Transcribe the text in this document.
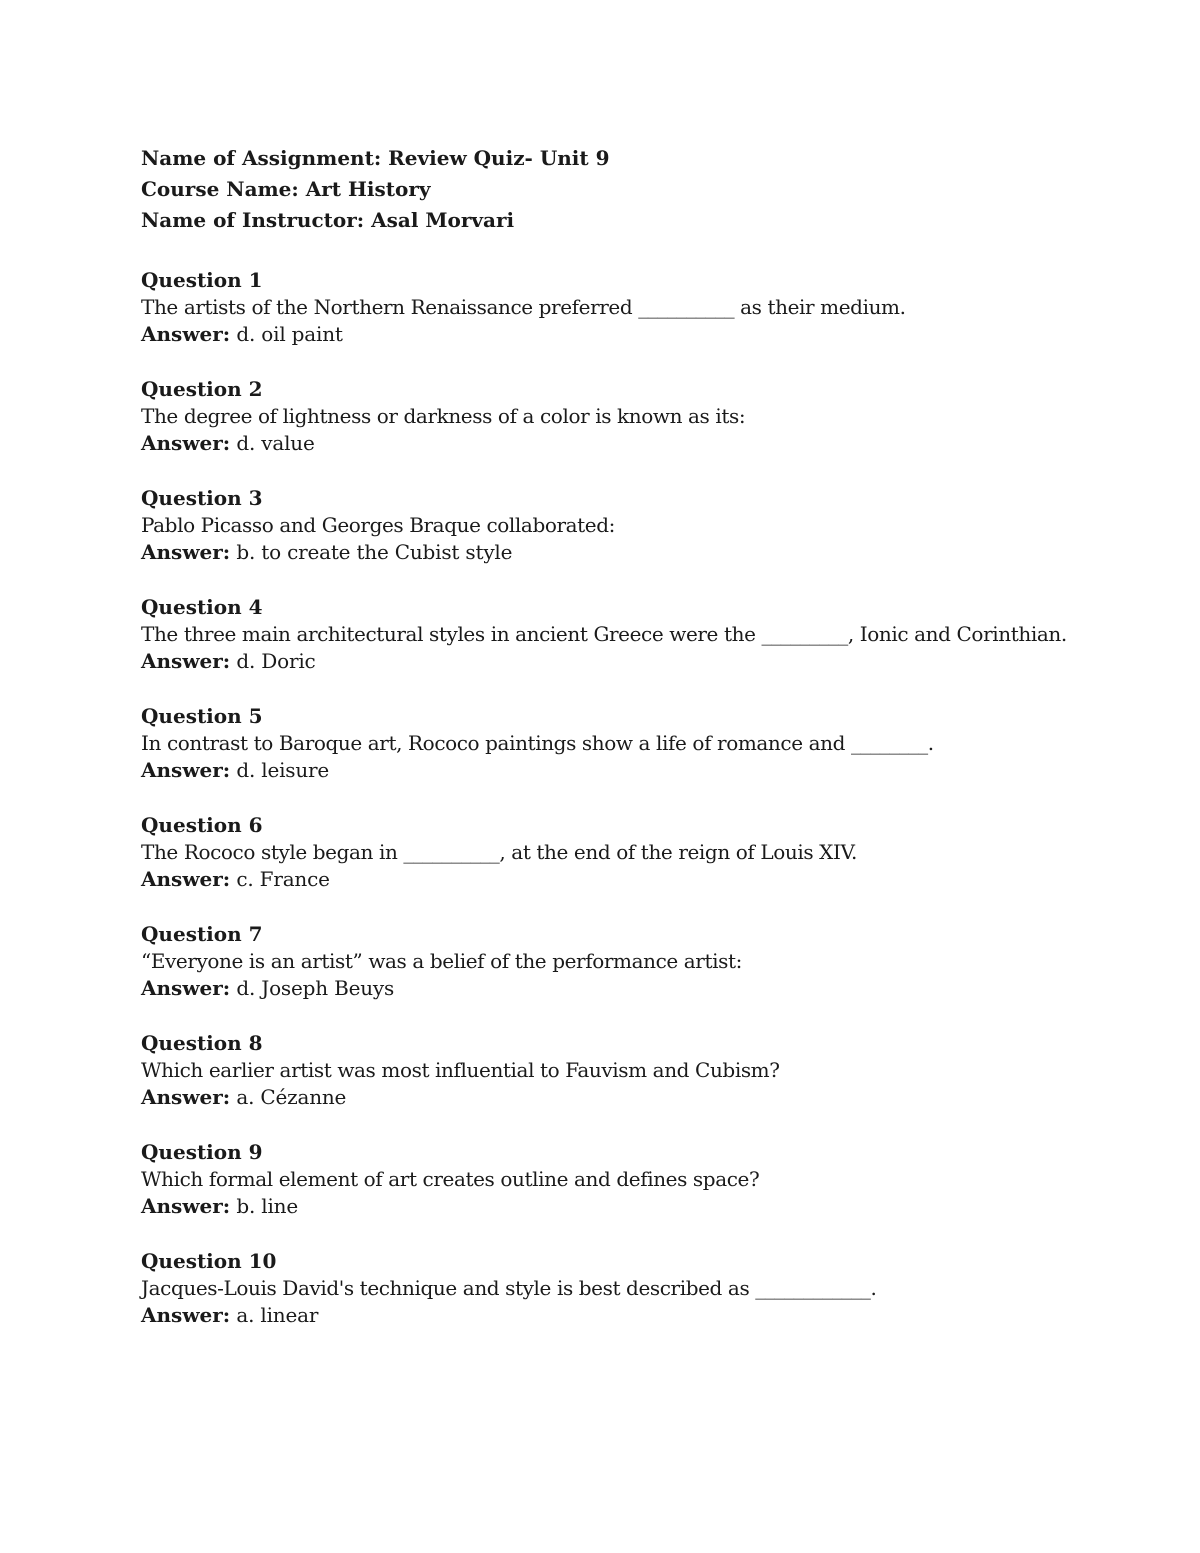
Name of Assignment: Review Quiz- Unit 9

Course Name: Art History

Name of Instructor: Asal Morvari

Question 1

The artists of the Northern Renaissance preferred __________ as their medium.

Answer: d. oil paint

Question 2

The degree of lightness or darkness of a color is known as its:

Answer: d. value

Question 3

Pablo Picasso and Georges Braque collaborated:

Answer: b. to create the Cubist style

Question 4

The three main architectural styles in ancient Greece were the _________, Ionic and Corinthian.

Answer: d. Doric

Question 5

In contrast to Baroque art, Rococo paintings show a life of romance and ________.

Answer: d. leisure

Question 6

The Rococo style began in __________, at the end of the reign of Louis XIV.

Answer: c. France

Question 7

“Everyone is an artist” was a belief of the performance artist:

Answer: d. Joseph Beuys

Question 8

Which earlier artist was most influential to Fauvism and Cubism?

Answer: a. Cézanne

Question 9

Which formal element of art creates outline and defines space?

Answer: b. line

Question 10

Jacques-Louis David's technique and style is best described as ____________.

Answer: a. linear
